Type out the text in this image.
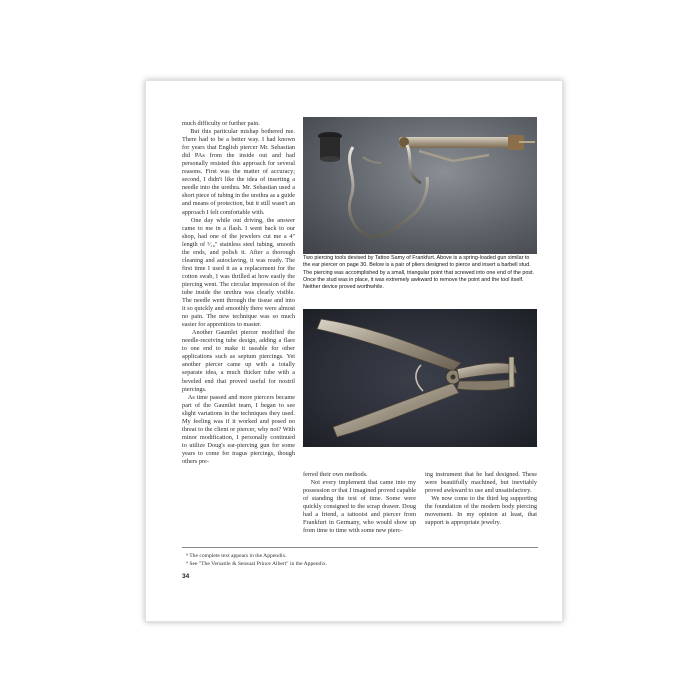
much difficulty or further pain.
But this particular mishap bothered me. There had to be a better way. I had known for years that English piercer Mr. Sebastian did PAs from the inside out and had personally resisted this approach for several reasons. First was the matter of accuracy; second, I didn't like the idea of inserting a needle into the urethra. Mr. Sebastian used a short piece of tubing in the urethra as a guide and means of protection, but it still wasn't an approach I felt comfortable with.
One day while out driving, the answer came to me in a flash. I went back to our shop, had one of the jewelers cut me a 4" length of ⁵⁄₁₆" stainless steel tubing, smooth the ends, and polish it. After a thorough cleaning and autoclaving, it was ready. The first time I used it as a replacement for the cotton swab, I was thrilled at how easily the piercing went. The circular impression of the tube inside the urethra was clearly visible. The needle went through the tissue and into it so quickly and smoothly there were almost no pain. The new technique was so much easier for apprentices to master.
Another Gauntlet piercer modified the needle-receiving tube design, adding a flare to one end to make it useable for other applications such as septum piercings. Yet another piercer came up with a totally separate idea, a much thicker tube with a beveled end that proved useful for nostril piercings.
As time passed and more piercers became part of the Gauntlet team, I began to see slight variations in the techniques they used. My feeling was if it worked and posed no threat to the client or piercer, why not? With minor modification, I personally continued to utilize Doug's ear-piercing gun for some years to come for tragus piercings, though others pre-
Two piercing tools devised by Tattoo Samy of Frankfurt. Above is a spring-loaded gun similar to the ear piercer on page 30. Below is a pair of pliers designed to pierce and insert a barbell stud. The piercing was accomplished by a small, triangular point that screwed into one end of the post. Once the stud was in place, it was extremely awkward to remove the point and the tool itself. Neither device proved worthwhile.
ferred their own methods.
Not every implement that came into my possession or that I imagined proved capable of standing the test of time. Some were quickly consigned to the scrap drawer. Doug had a friend, a tattooist and piercer from Frankfurt in Germany, who would show up from time to time with some new pierc-
ing instrument that he had designed. These were beautifully machined, but inevitably proved awkward to use and unsatisfactory.
We now come to the third leg supporting the foundation of the modern body piercing movement. In my opinion at least, that support is appropriate jewelry.
⁸ The complete text appears in the Appendix.
⁹ See "The Versatile & Sensual Prince Albert" in the Appendix.
34
